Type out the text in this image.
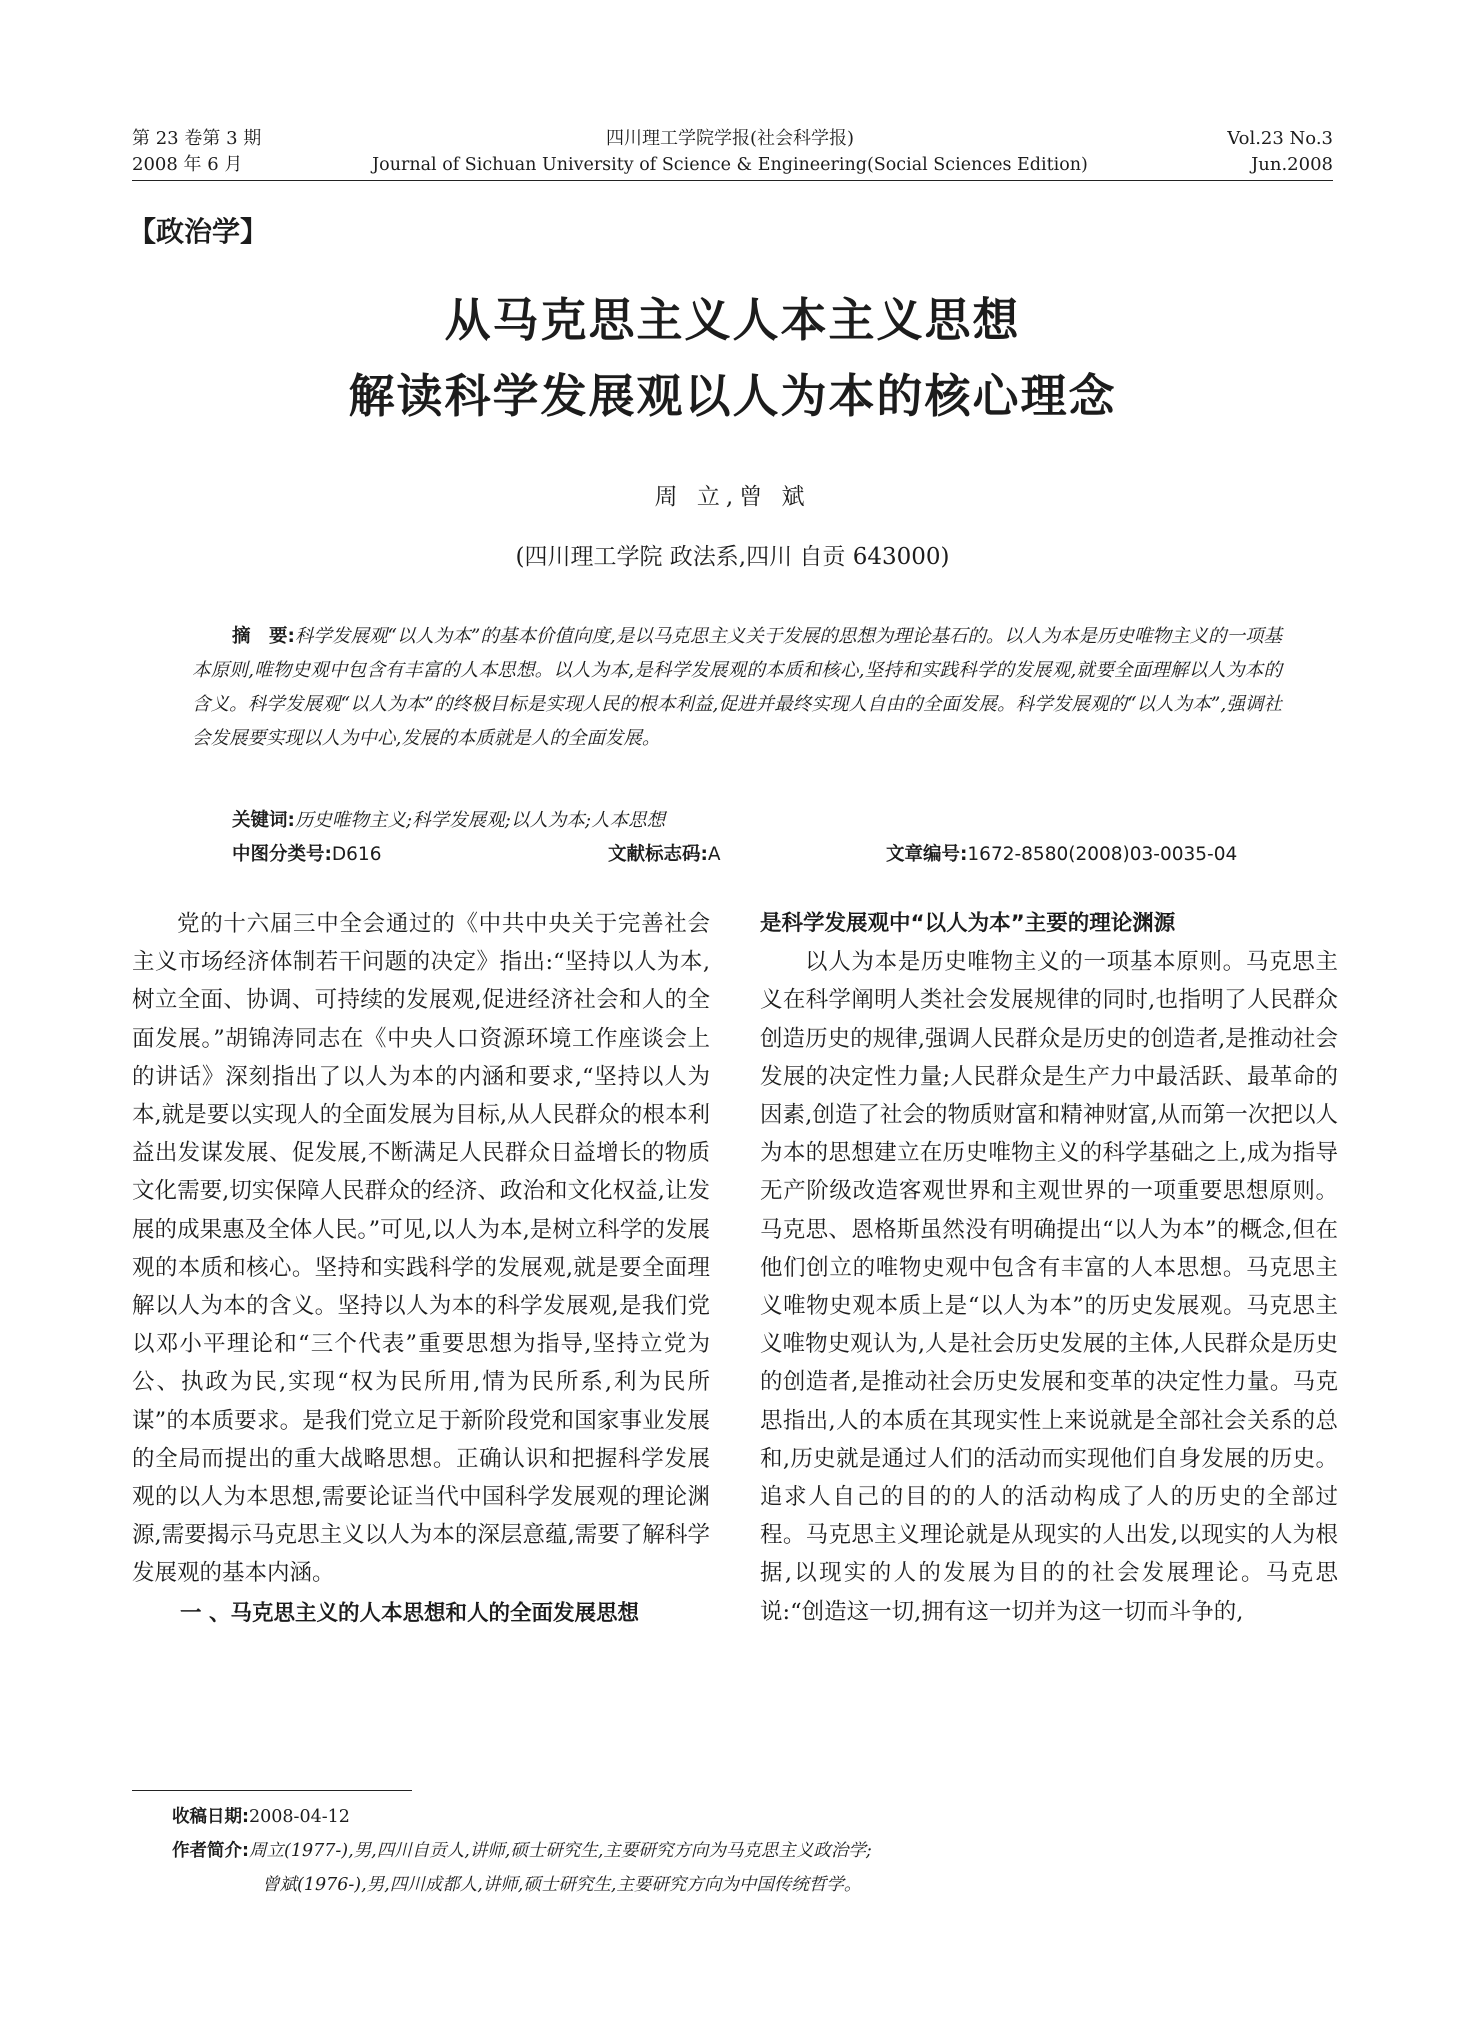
第 23 卷第 3 期
2008 年 6 月
四川理工学院学报(社会科学报)
Journal of Sichuan University of Science & Engineering(Social Sciences Edition)
Vol.23 No.3
Jun.2008
【政治学】
从马克思主义人本主义思想
解读科学发展观以人为本的核心理念
周 立,曾 斌
(四川理工学院 政法系,四川 自贡 643000)
摘　要:科学发展观“以人为本”的基本价值向度,是以马克思主义关于发展的思想为理论基石的。以人为本是历史唯物主义的一项基本原则,唯物史观中包含有丰富的人本思想。以人为本,是科学发展观的本质和核心,坚持和实践科学的发展观,就要全面理解以人为本的含义。科学发展观“以人为本”的终极目标是实现人民的根本利益,促进并最终实现人自由的全面发展。科学发展观的“以人为本”,强调社会发展要实现以人为中心,发展的本质就是人的全面发展。
关键词:历史唯物主义;科学发展观;以人为本;人本思想
中图分类号:D616	文献标志码:A	文章编号:1672-8580(2008)03-0035-04

党的十六届三中全会通过的《中共中央关于完善社会主义市场经济体制若干问题的决定》指出:“坚持以人为本,树立全面、协调、可持续的发展观,促进经济社会和人的全面发展。”胡锦涛同志在《中央人口资源环境工作座谈会上的讲话》深刻指出了以人为本的内涵和要求,“坚持以人为本,就是要以实现人的全面发展为目标,从人民群众的根本利益出发谋发展、促发展,不断满足人民群众日益增长的物质文化需要,切实保障人民群众的经济、政治和文化权益,让发展的成果惠及全体人民。”可见,以人为本,是树立科学的发展观的本质和核心。坚持和实践科学的发展观,就是要全面理解以人为本的含义。坚持以人为本的科学发展观,是我们党以邓小平理论和“三个代表”重要思想为指导,坚持立党为公、执政为民,实现“权为民所用,情为民所系,利为民所谋”的本质要求。是我们党立足于新阶段党和国家事业发展的全局而提出的重大战略思想。正确认识和把握科学发展观的以人为本思想,需要论证当代中国科学发展观的理论渊源,需要揭示马克思主义以人为本的深层意蕴,需要了解科学发展观的基本内涵。

一 、马克思主义的人本思想和人的全面发展思想
是科学发展观中“以人为本”主要的理论渊源

以人为本是历史唯物主义的一项基本原则。马克思主义在科学阐明人类社会发展规律的同时,也指明了人民群众创造历史的规律,强调人民群众是历史的创造者,是推动社会发展的决定性力量;人民群众是生产力中最活跃、最革命的因素,创造了社会的物质财富和精神财富,从而第一次把以人为本的思想建立在历史唯物主义的科学基础之上,成为指导无产阶级改造客观世界和主观世界的一项重要思想原则。马克思、恩格斯虽然没有明确提出“以人为本”的概念,但在他们创立的唯物史观中包含有丰富的人本思想。马克思主义唯物史观本质上是“以人为本”的历史发展观。马克思主义唯物史观认为,人是社会历史发展的主体,人民群众是历史的创造者,是推动社会历史发展和变革的决定性力量。马克思指出,人的本质在其现实性上来说就是全部社会关系的总和,历史就是通过人们的活动而实现他们自身发展的历史。追求人自己的目的的人的活动构成了人的历史的全部过程。马克思主义理论就是从现实的人出发,以现实的人为根据,以现实的人的发展为目的的社会发展理论。马克思说:“创造这一切,拥有这一切并为这一切而斗争的,

收稿日期:2008-04-12
作者简介:周立(1977-),男,四川自贡人,讲师,硕士研究生,主要研究方向为马克思主义政治学;
曾斌(1976-),男,四川成都人,讲师,硕士研究生,主要研究方向为中国传统哲学。
